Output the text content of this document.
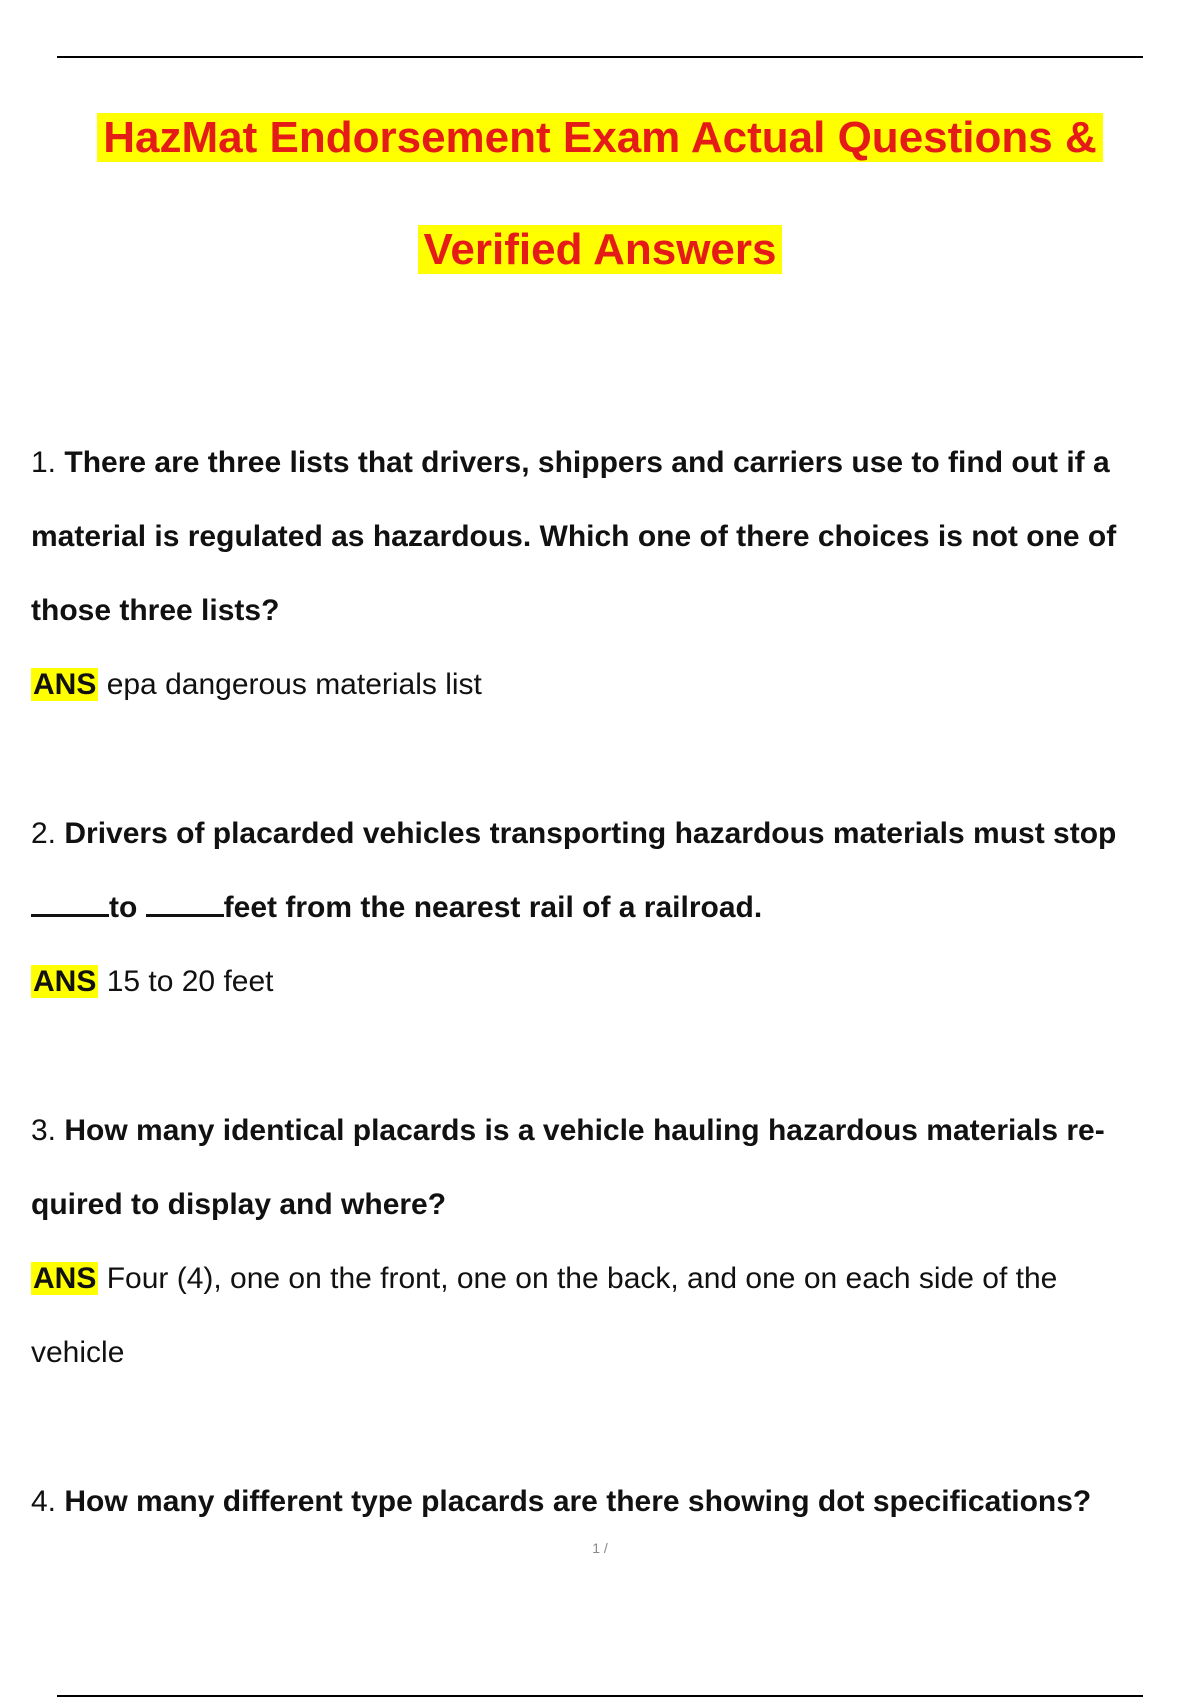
HazMat Endorsement Exam Actual Questions &
Verified Answers
1. There are three lists that drivers, shippers and carriers use to find out if a
material is regulated as hazardous. Which one of there choices is not one of
those three lists?
ANS epa dangerous materials list
2. Drivers of placarded vehicles transporting hazardous materials must stop
to	feet from the nearest rail of a railroad.
ANS 15 to 20 feet
3. How many identical placards is a vehicle hauling hazardous materials re-
quired to display and where?
ANS Four (4), one on the front, one on the back, and one on each side of the
vehicle
4. How many different type placards are there showing dot specifications?
1 /
